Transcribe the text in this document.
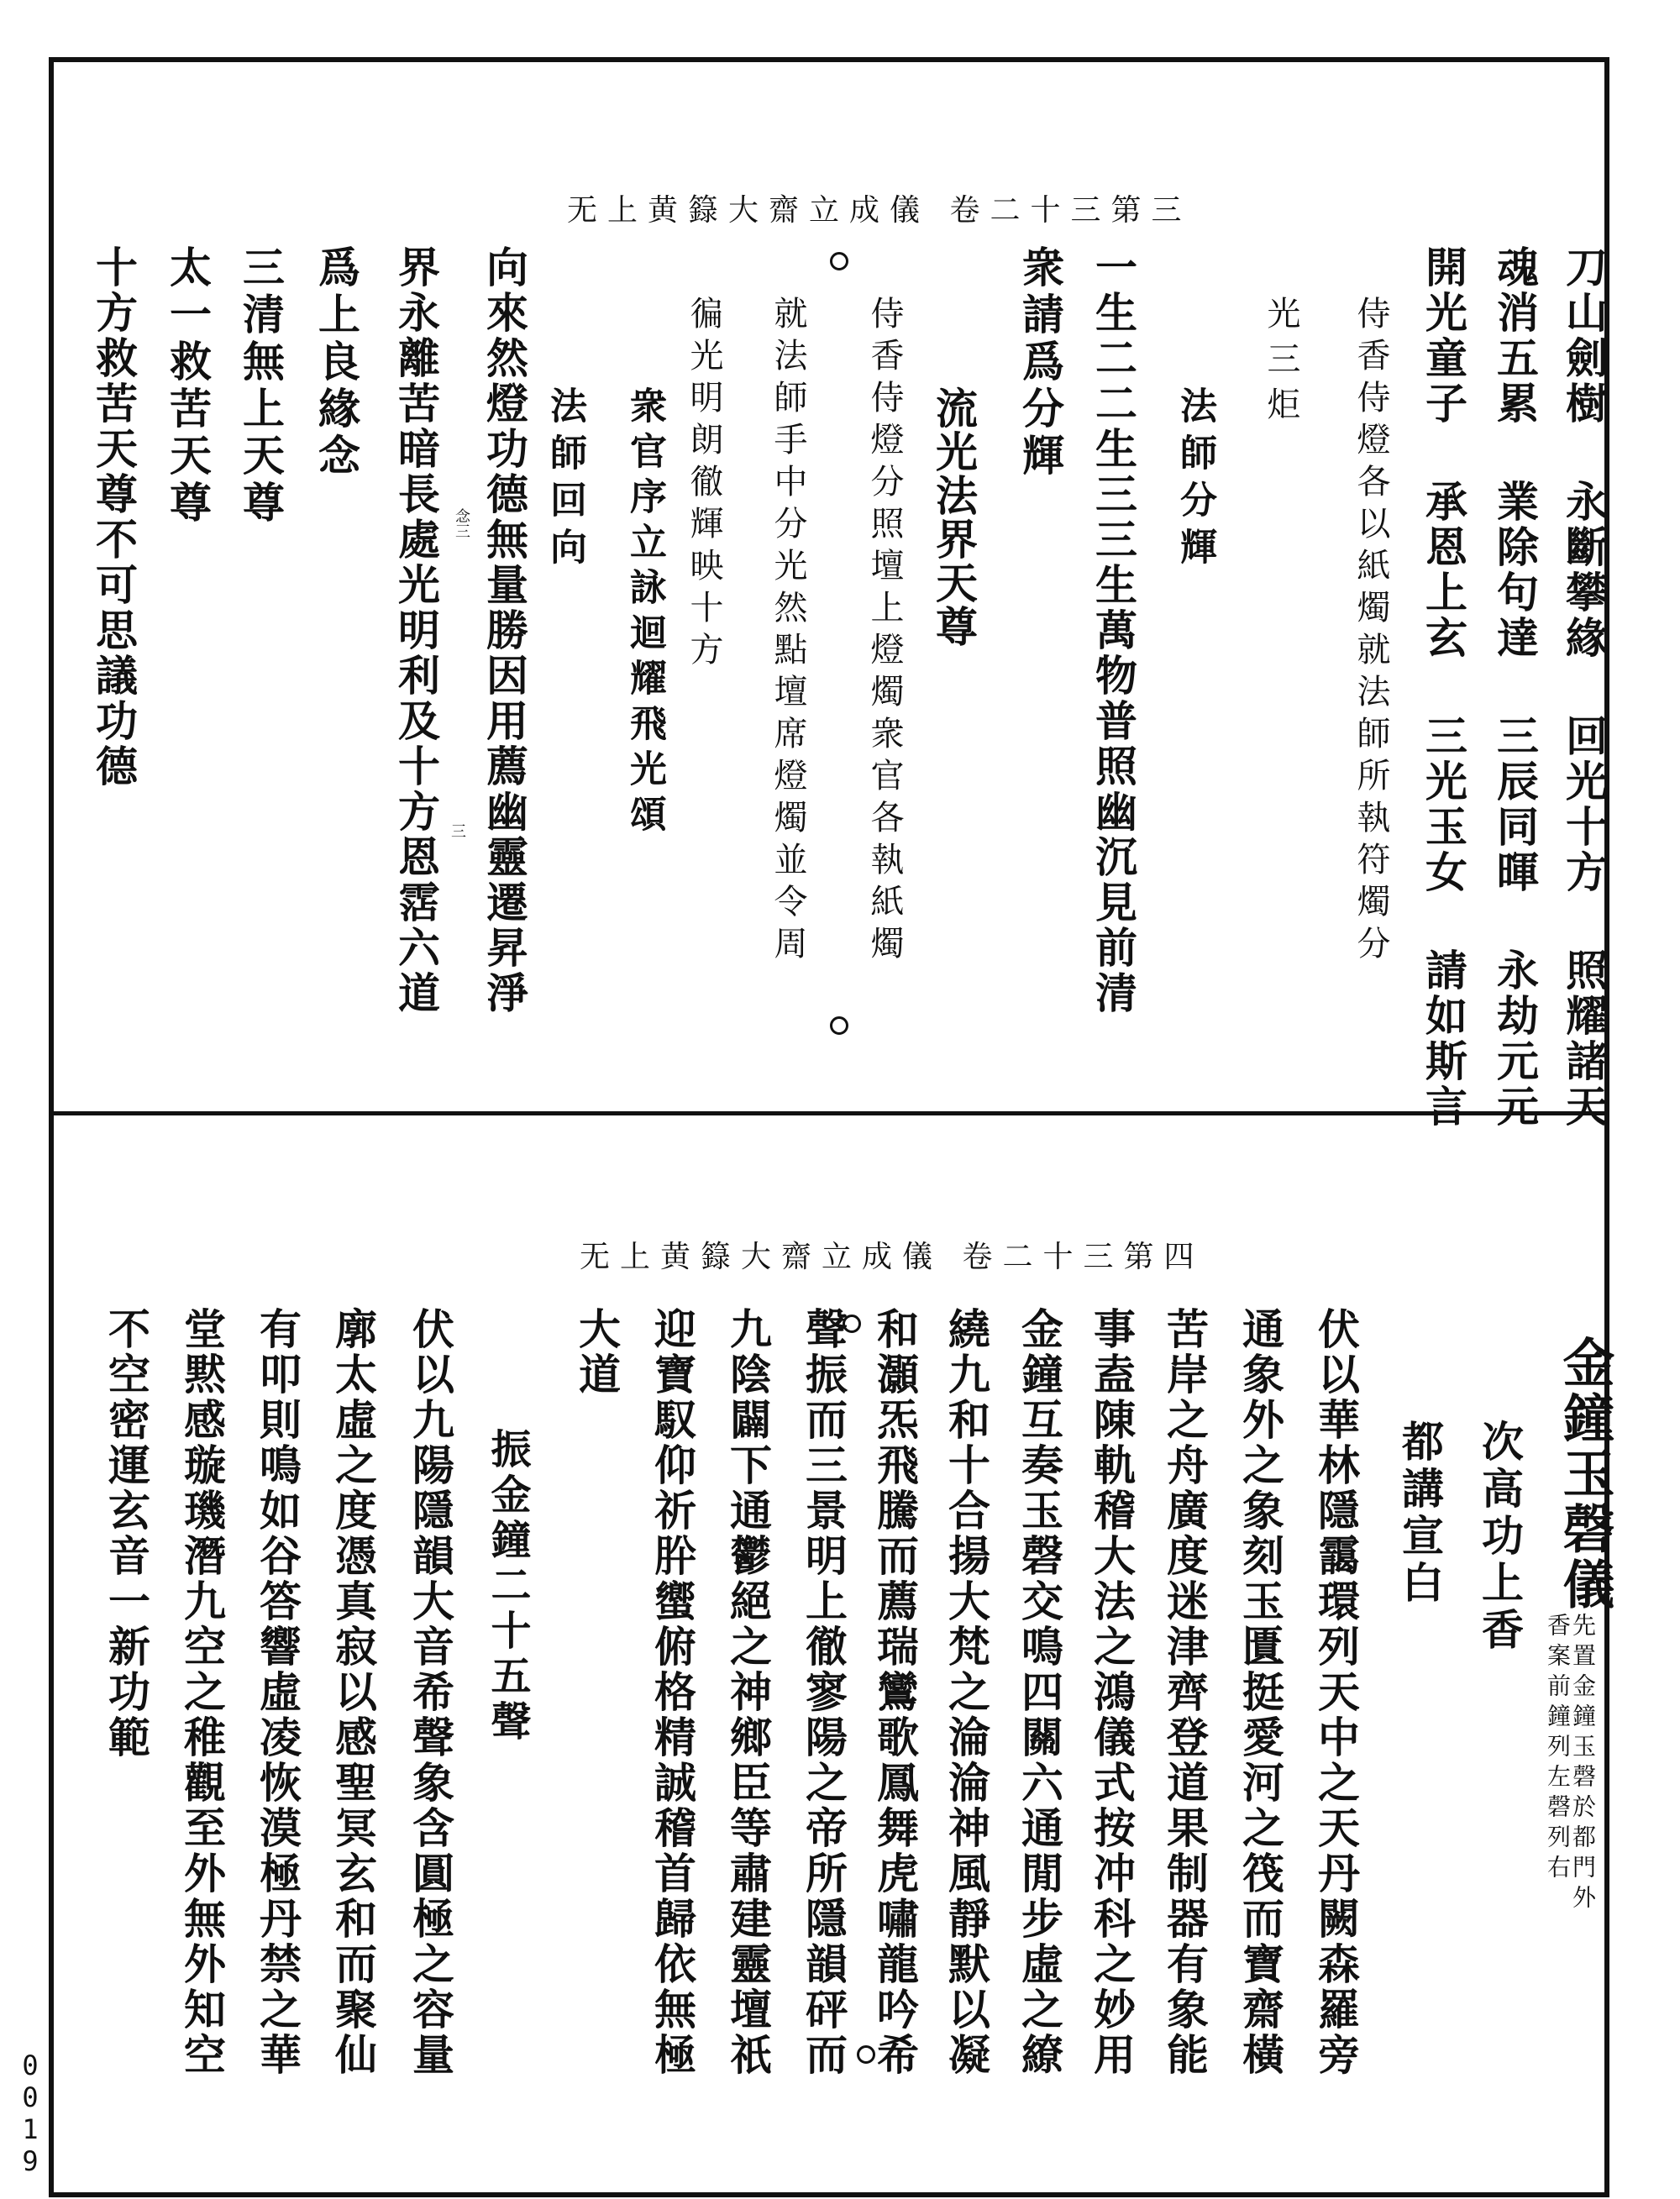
无上黄籙大齋立成儀 卷二十三第三
刀山劍樹 永斷攀緣 回光十方 照耀諸天
魂消五累 業除句達 三辰同暉 永劫元元
開光童子 承恩上玄 三光玉女 請如斯言
侍香侍燈各以紙燭就法師所執符燭分
光三炬
法師分輝
一生二二生三三生萬物普照幽沉見前清
衆請爲分輝
流光法界天尊
侍香侍燈分照壇上燈燭衆官各執紙燭
就法師手中分光然點壇席燈燭並令周
徧光明朗徹輝映十方
衆官序立詠迴耀飛光頌
法師回向
向來然燈功德無量勝因用薦幽靈遷昇淨
界永離苦暗長處光明利及十方恩霑六道
爲上良緣念
三清無上天尊
太一救苦天尊
十方救苦天尊不可思議功德	念三
三
无上黄籙大齋立成儀 卷二十三第四
金鐘玉磬儀
香案前鐘列左磬列右
先置金鐘玉磬於都門外
次高功上香
都講宣白
伏以華林隱靄環列天中之天丹闕森羅旁
通象外之象刻玉匱挺愛河之筏而寶齋橫
苦岸之舟廣度迷津齊登道果制器有象能
事盍陳軌稽大法之鴻儀式按冲科之妙用
金鐘互奏玉磬交鳴四關六通閒步虛之繚
繞九和十合揚大梵之淪淪神風靜默以凝
和灝炁飛騰而薦瑞鸞歌鳳舞虎嘯龍吟希
聲振而三景明上徹寥陽之帝所隱韻砰而
九陰闢下通鬱絕之神鄉臣等肅建靈壇祇
迎寶馭仰祈肸蠁俯格精誠稽首歸依無極
大道
振金鐘二十五聲
伏以九陽隱韻大音希聲象含圓極之容量
廓太虛之度憑真寂以感聖冥玄和而聚仙
有叩則鳴如谷答響虛凌恢漠極丹禁之華
堂黙感璇璣潛九空之稚觀至外無外知空
不空密運玄音一新功範
0019
